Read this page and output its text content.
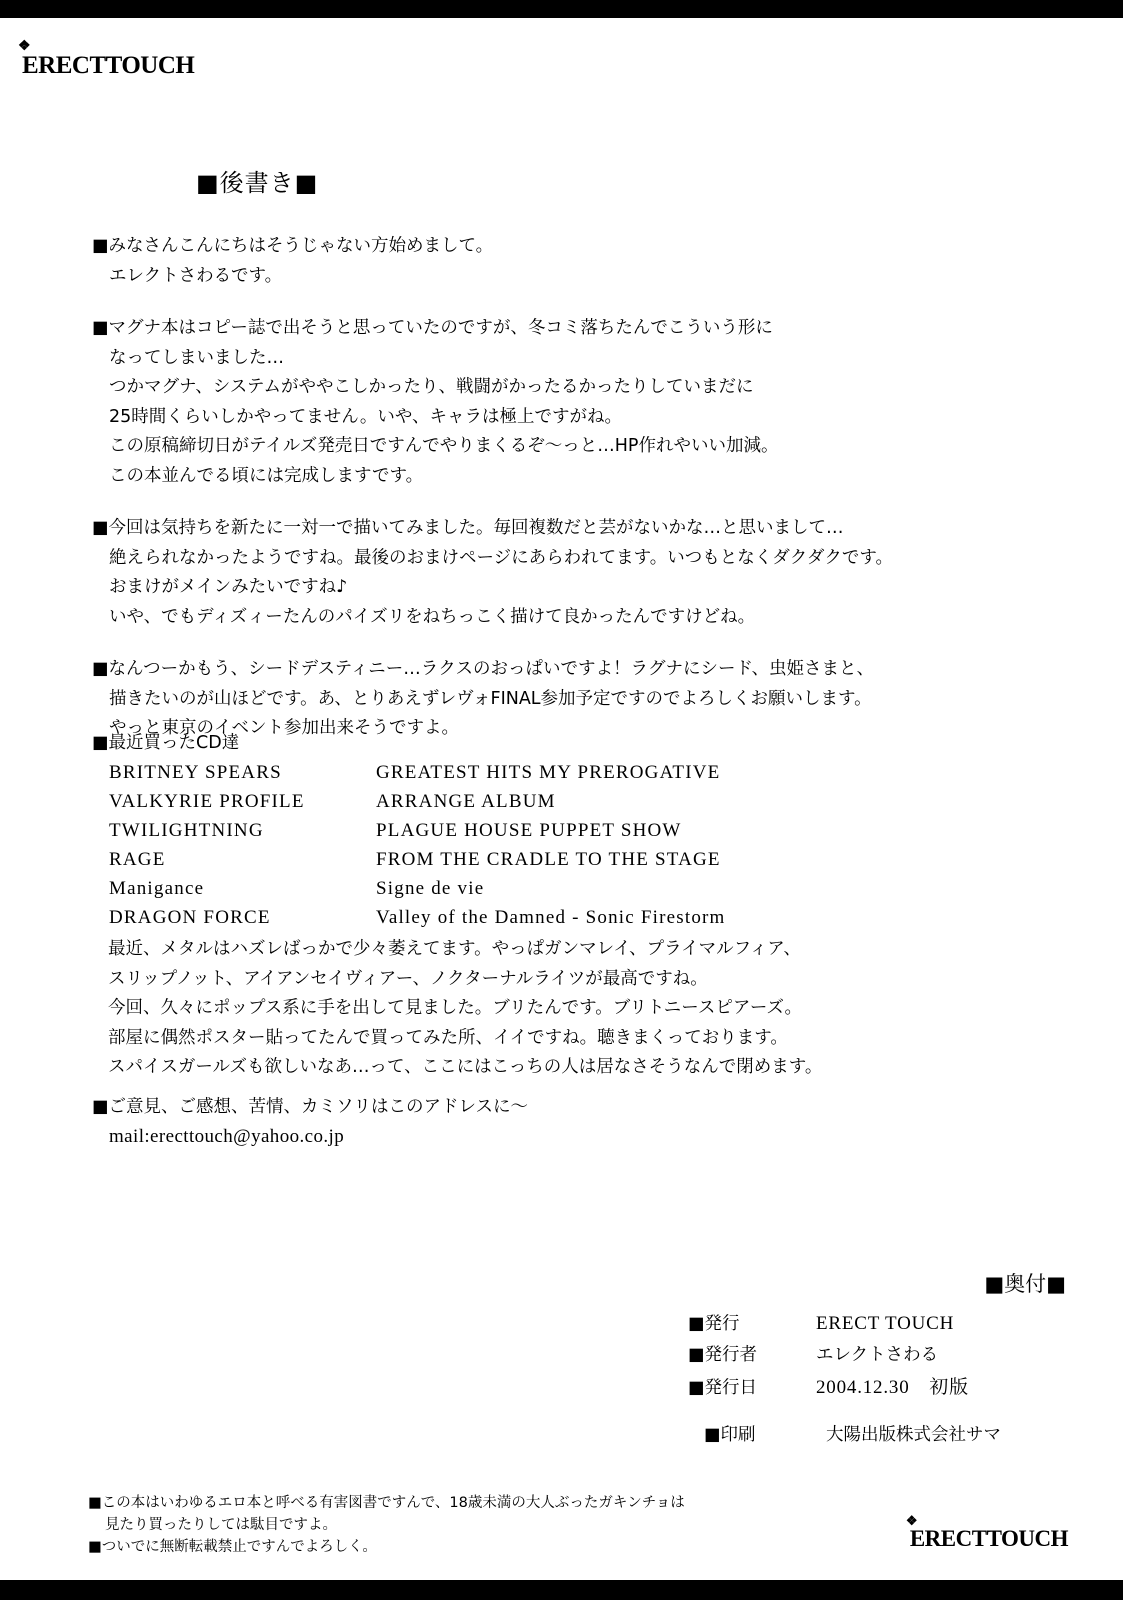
❖
ERECTTOUCH
❖
ERECTTOUCH
■後書き■
■みなさんこんにちはそうじゃない方始めまして。
エレクトさわるです。
■マグナ本はコピー誌で出そうと思っていたのですが、冬コミ落ちたんでこういう形に
なってしまいました…
つかマグナ、システムがややこしかったり、戦闘がかったるかったりしていまだに
25時間くらいしかやってません。いや、キャラは極上ですがね。
この原稿締切日がテイルズ発売日ですんでやりまくるぞ〜っと…HP作れやいい加減。
この本並んでる頃には完成しますです。
■今回は気持ちを新たに一対一で描いてみました。毎回複数だと芸がないかな…と思いまして…
絶えられなかったようですね。最後のおまけページにあらわれてます。いつもとなくダクダクです。
おまけがメインみたいですね♪
いや、でもディズィーたんのパイズリをねちっこく描けて良かったんですけどね。
■なんつーかもう、シードデスティニー…ラクスのおっぱいですよ！ラグナにシード、虫姫さまと、
描きたいのが山ほどです。あ、とりあえずレヴォFINAL参加予定ですのでよろしくお願いします。
やっと東京のイベント参加出来そうですよ。
■最近買ったCD達
BRITNEY SPEARS	GREATEST HITS MY PREROGATIVE
VALKYRIE PROFILE	ARRANGE ALBUM
TWILIGHTNING	PLAGUE HOUSE PUPPET SHOW
RAGE	FROM THE CRADLE TO THE STAGE
Manigance	Signe de vie
DRAGON FORCE	Valley of the Damned - Sonic Firestorm
最近、メタルはハズレばっかで少々萎えてます。やっぱガンマレイ、プライマルフィア、
スリップノット、アイアンセイヴィアー、ノクターナルライツが最高ですね。
今回、久々にポップス系に手を出して見ました。ブリたんです。ブリトニースピアーズ。
部屋に偶然ポスター貼ってたんで買ってみた所、イイですね。聴きまくっております。
スパイスガールズも欲しいなあ…って、ここにはこっちの人は居なさそうなんで閉めます。
■ご意見、ご感想、苦情、カミソリはこのアドレスに〜
mail:erecttouch@yahoo.co.jp
■奥付■
■発行	ERECT TOUCH
■発行者	エレクトさわる
■発行日	2004.12.30　初版
■印刷	大陽出版株式会社サマ
■この本はいわゆるエロ本と呼べる有害図書ですんで、18歳未満の大人ぶったガキンチョは
見たり買ったりしては駄目ですよ。
■ついでに無断転載禁止ですんでよろしく。
